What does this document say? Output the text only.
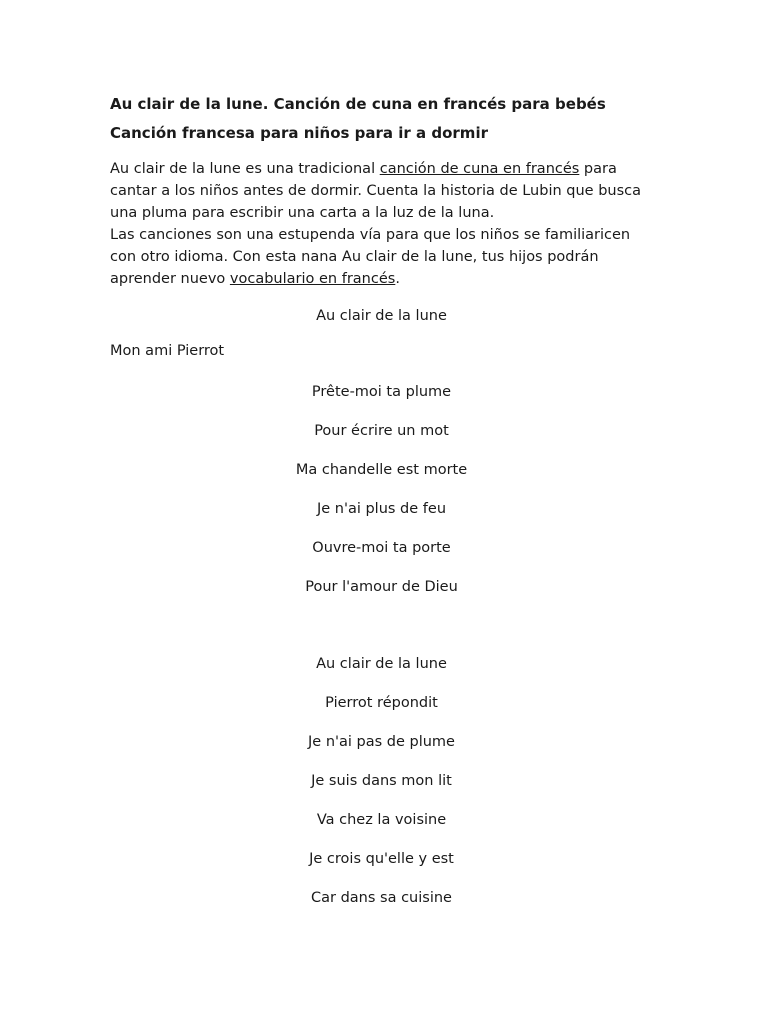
Au clair de la lune. Canción de cuna en francés para bebés
Canción francesa para niños para ir a dormir
Au clair de la lune es una tradicional canción de cuna en francés para cantar a los niños antes de dormir. Cuenta la historia de Lubin que busca una pluma para escribir una carta a la luz de la luna.
Las canciones son una estupenda vía para que los niños se familiaricen con otro idioma. Con esta nana Au clair de la lune, tus hijos podrán aprender nuevo vocabulario en francés.

Au clair de la lune

Mon ami Pierrot

Prête-moi ta plume

Pour écrire un mot

Ma chandelle est morte

Je n'ai plus de feu

Ouvre-moi ta porte

Pour l'amour de Dieu

Au clair de la lune

Pierrot répondit

Je n'ai pas de plume

Je suis dans mon lit

Va chez la voisine

Je crois qu'elle y est

Car dans sa cuisine
